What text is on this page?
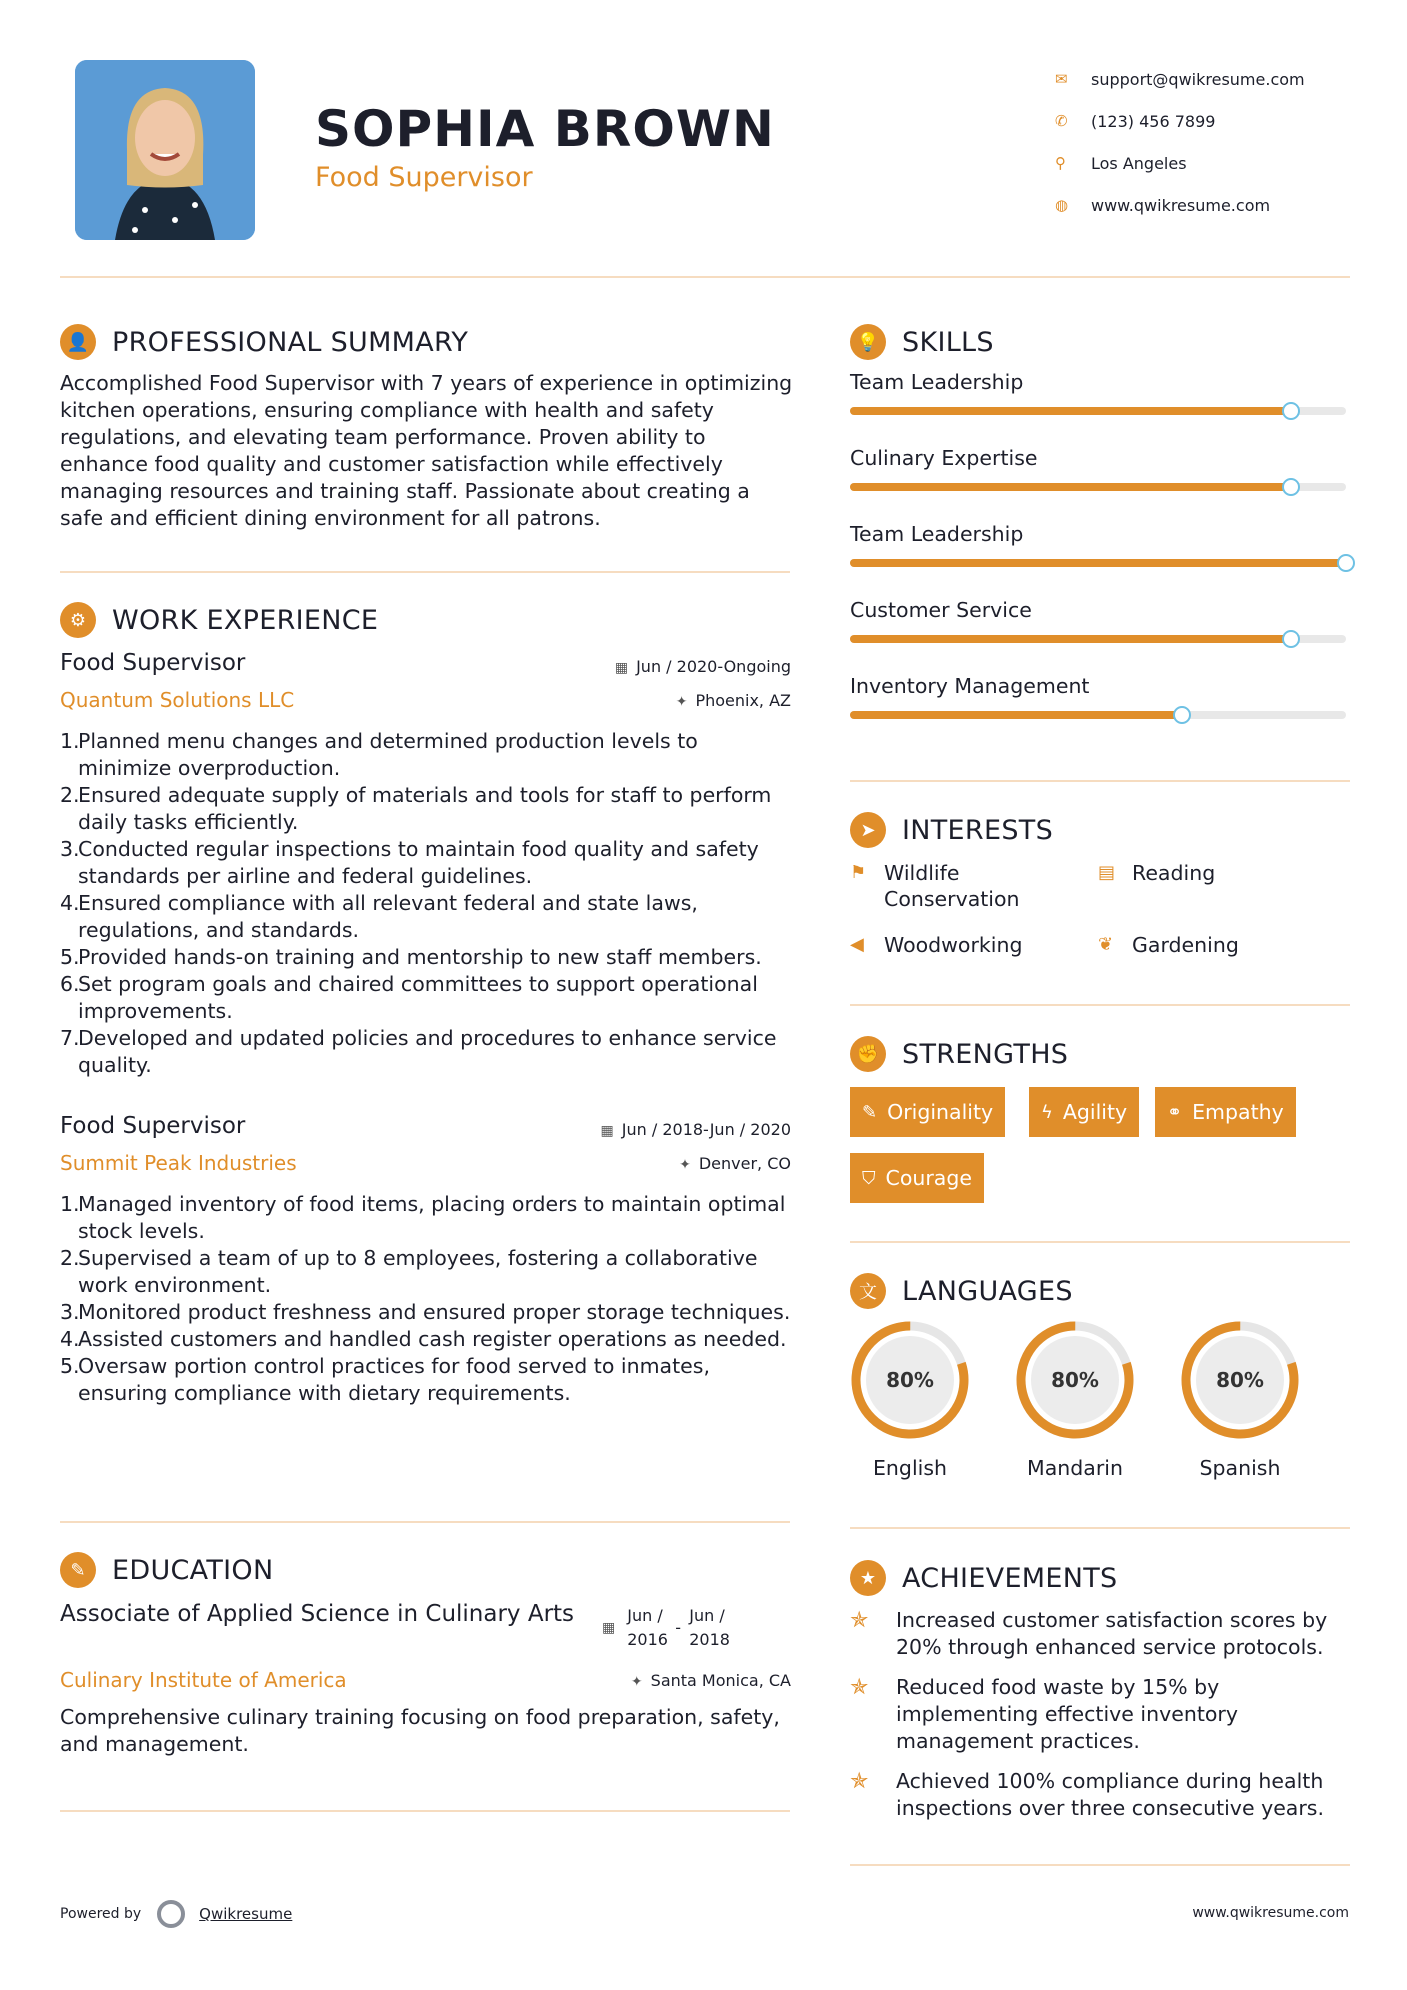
SOPHIA BROWN
Food Supervisor
✉	support@qwikresume.com
✆	(123) 456 7899
⚲	Los Angeles
◍	www.qwikresume.com
👤 PROFESSIONAL SUMMARY
Accomplished Food Supervisor with 7 years of experience in optimizing kitchen operations, ensuring compliance with health and safety regulations, and elevating team performance. Proven ability to enhance food quality and customer satisfaction while effectively managing resources and training staff. Passionate about creating a safe and efficient dining environment for all patrons.
⚙ WORK EXPERIENCE
Food Supervisor	▦ Jun / 2020-Ongoing
Quantum Solutions LLC	✦ Phoenix, AZ
1.
Planned menu changes and determined production levels to minimize overproduction.
2.
Ensured adequate supply of materials and tools for staff to perform daily tasks efficiently.
3.
Conducted regular inspections to maintain food quality and safety standards per airline and federal guidelines.
4.
Ensured compliance with all relevant federal and state laws, regulations, and standards.
5.
Provided hands-on training and mentorship to new staff members.
6.
Set program goals and chaired committees to support operational improvements.
7.
Developed and updated policies and procedures to enhance service quality.
Food Supervisor	▦ Jun / 2018-Jun / 2020
Summit Peak Industries	✦ Denver, CO
1.
Managed inventory of food items, placing orders to maintain optimal stock levels.
2.
Supervised a team of up to 8 employees, fostering a collaborative work environment.
3.
Monitored product freshness and ensured proper storage techniques.
4.
Assisted customers and handled cash register operations as needed.
5.
Oversaw portion control practices for food served to inmates, ensuring compliance with dietary requirements.
✎ EDUCATION
Associate of Applied Science in Culinary Arts
▦
Jun / 2016
-
Jun / 2018
Culinary Institute of America	✦ Santa Monica, CA
Comprehensive culinary training focusing on food preparation, safety, and management.
💡 SKILLS
Team Leadership
Culinary Expertise
Team Leadership
Customer Service
Inventory Management
➤ INTERESTS
⚑ Wildlife Conservation
▤ Reading
◀ Woodworking	❦ Gardening
✊ STRENGTHS
✎ Originality	ϟ Agility ⚭ Empathy
⛉ Courage
文 LANGUAGES
80%
English
80%
Mandarin
80%
Spanish
★ ACHIEVEMENTS
✯	Increased customer satisfaction scores by 20% through enhanced service protocols.
✯	Reduced food waste by 15% by implementing effective inventory management practices.
✯	Achieved 100% compliance during health inspections over three consecutive years.
Powered by	Qwikresume	www.qwikresume.com
